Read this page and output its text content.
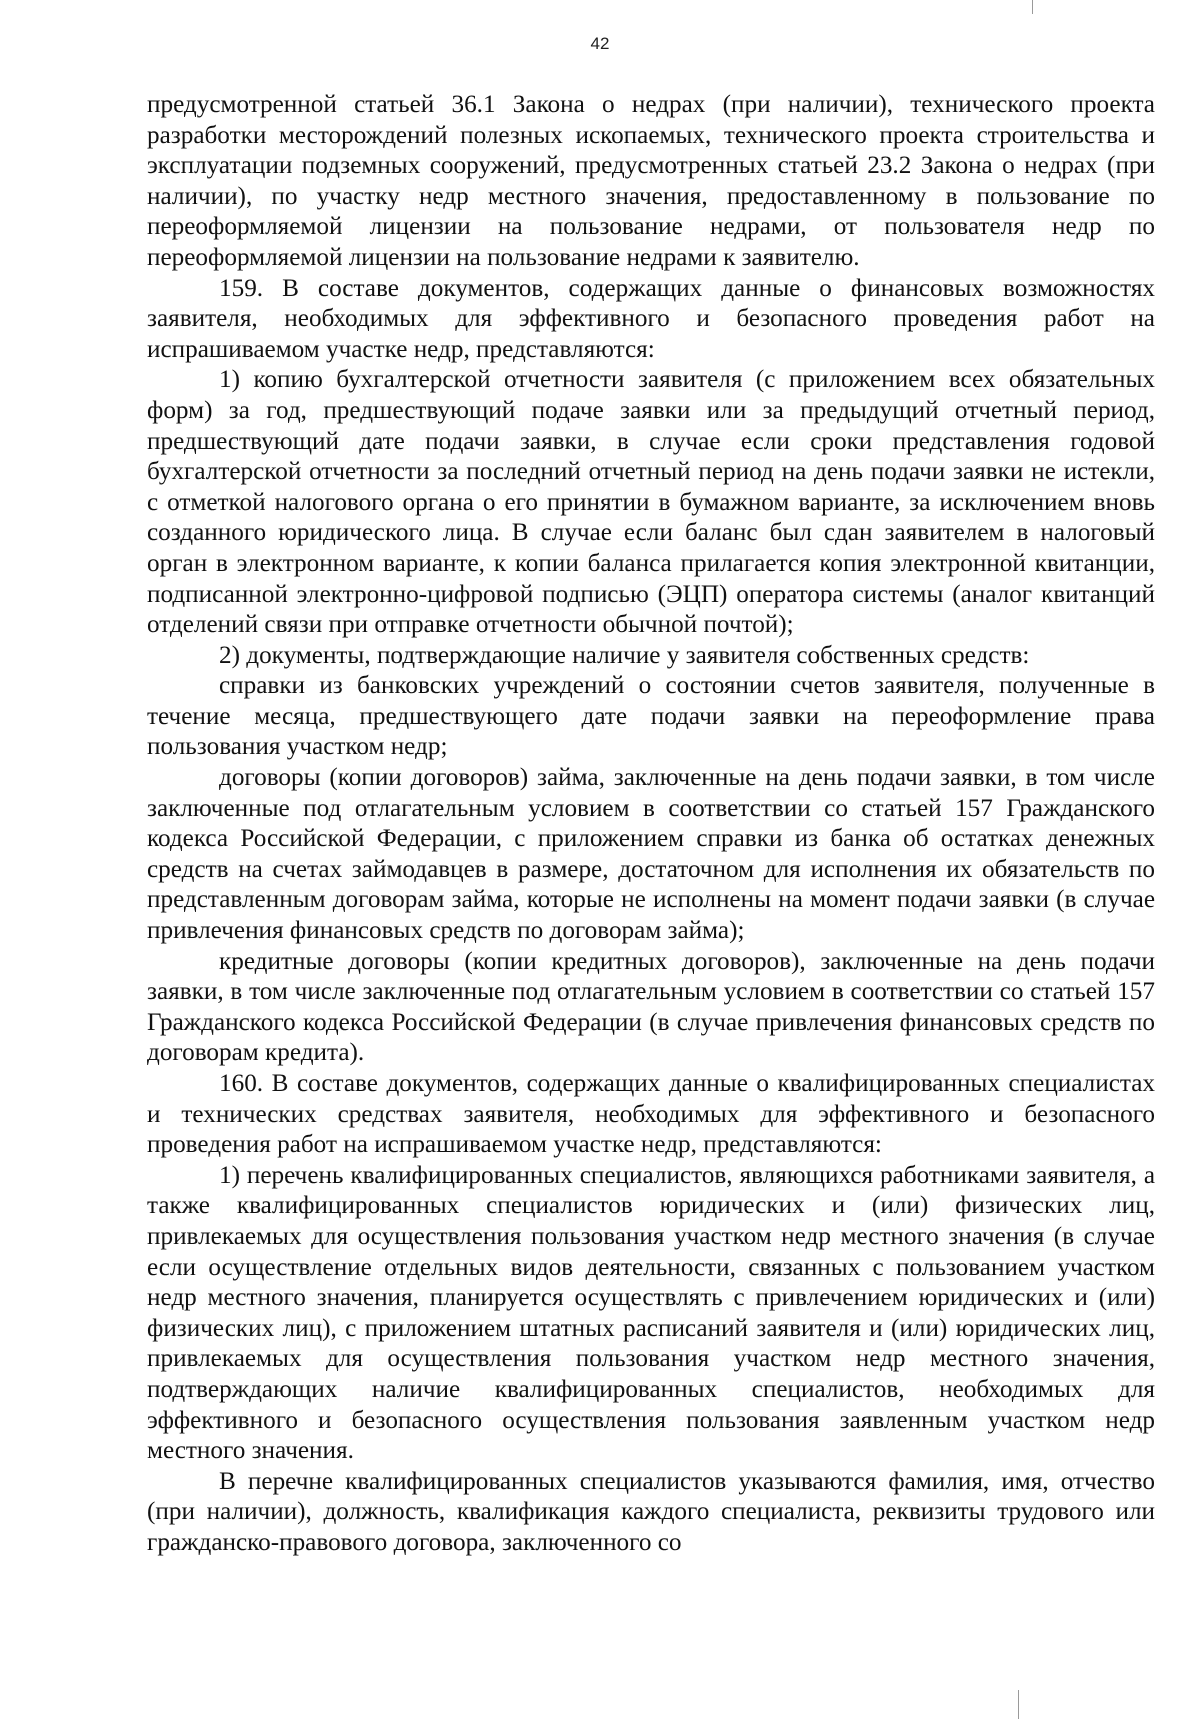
42

предусмотренной статьей 36.1 Закона о недрах (при наличии), технического проекта разработки месторождений полезных ископаемых, технического проекта строительства и эксплуатации подземных сооружений, предусмотренных статьей 23.2 Закона о недрах (при наличии), по участку недр местного значения, предоставленному в пользование по переоформляемой лицензии на пользование недрами, от пользователя недр по переоформляемой лицензии на пользование недрами к заявителю.

159. В составе документов, содержащих данные о финансовых возможностях заявителя, необходимых для эффективного и безопасного проведения работ на испрашиваемом участке недр, представляются:

1) копию бухгалтерской отчетности заявителя (с приложением всех обязательных форм) за год, предшествующий подаче заявки или за предыдущий отчетный период, предшествующий дате подачи заявки, в случае если сроки представления годовой бухгалтерской отчетности за последний отчетный период на день подачи заявки не истекли, с отметкой налогового органа о его принятии в бумажном варианте, за исключением вновь созданного юридического лица. В случае если баланс был сдан заявителем в налоговый орган в электронном варианте, к копии баланса прилагается копия электронной квитанции, подписанной электронно-цифровой подписью (ЭЦП) оператора системы (аналог квитанций отделений связи при отправке отчетности обычной почтой);

2) документы, подтверждающие наличие у заявителя собственных средств:

справки из банковских учреждений о состоянии счетов заявителя, полученные в течение месяца, предшествующего дате подачи заявки на переоформление права пользования участком недр;

договоры (копии договоров) займа, заключенные на день подачи заявки, в том числе заключенные под отлагательным условием в соответствии со статьей 157 Гражданского кодекса Российской Федерации, с приложением справки из банка об остатках денежных средств на счетах займодавцев в размере, достаточном для исполнения их обязательств по представленным договорам займа, которые не исполнены на момент подачи заявки (в случае привлечения финансовых средств по договорам займа);

кредитные договоры (копии кредитных договоров), заключенные на день подачи заявки, в том числе заключенные под отлагательным условием в соответствии со статьей 157 Гражданского кодекса Российской Федерации (в случае привлечения финансовых средств по договорам кредита).

160. В составе документов, содержащих данные о квалифицированных специалистах и технических средствах заявителя, необходимых для эффективного и безопасного проведения работ на испрашиваемом участке недр, представляются:

1) перечень квалифицированных специалистов, являющихся работниками заявителя, а также квалифицированных специалистов юридических и (или) физических лиц, привлекаемых для осуществления пользования участком недр местного значения (в случае если осуществление отдельных видов деятельности, связанных с пользованием участком недр местного значения, планируется осуществлять с привлечением юридических и (или) физических лиц), с приложением штатных расписаний заявителя и (или) юридических лиц, привлекаемых для осуществления пользования участком недр местного значения, подтверждающих наличие квалифицированных специалистов, необходимых для эффективного и безопасного осуществления пользования заявленным участком недр местного значения.

В перечне квалифицированных специалистов указываются фамилия, имя, отчество (при наличии), должность, квалификация каждого специалиста, реквизиты трудового или гражданско-правового договора, заключенного со
